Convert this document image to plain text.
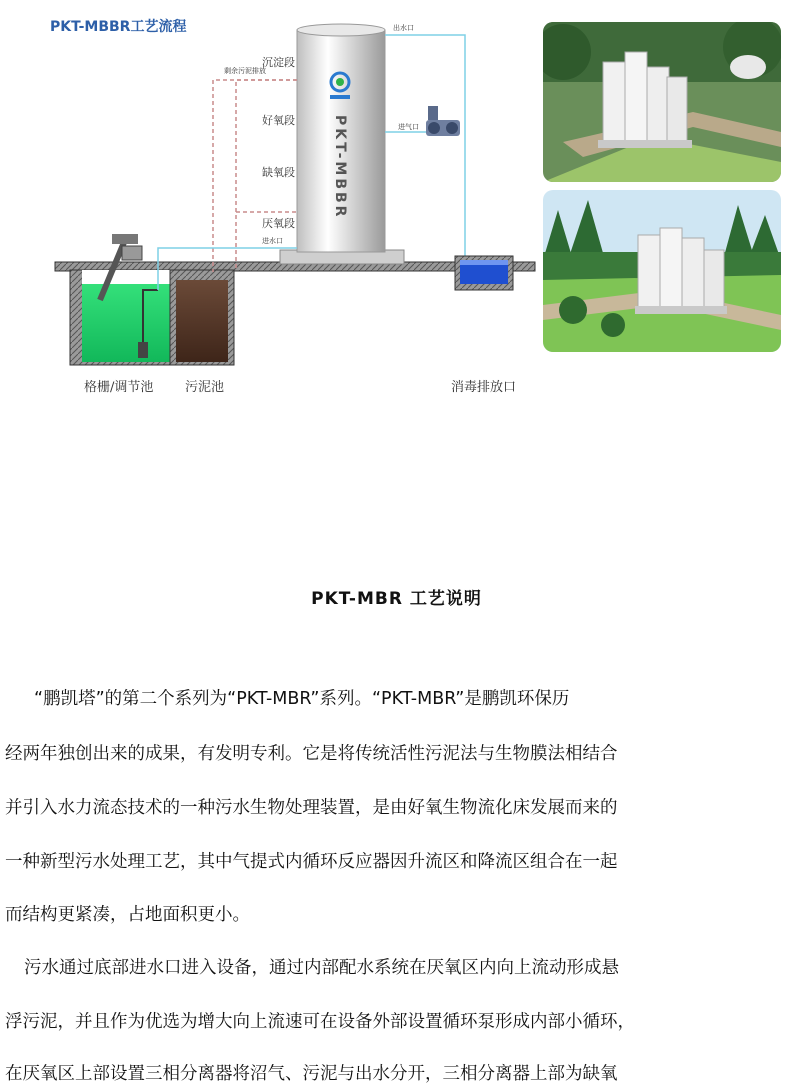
PKT-MBBR工艺流程
PKT-MBBR
沉淀段
好氧段
缺氧段
厌氧段
剩余污泥排放
进水口
出水口
进气口
格栅/调节池 污泥池	消毒排放口
PKT-MBR 工艺说明
“鹏凯塔”的第二个系列为“PKT-MBR”系列。“PKT-MBR”是鹏凯环保历
经两年独创出来的成果，有发明专利。它是将传统活性污泥法与生物膜法相结合
并引入水力流态技术的一种污水生物处理装置，是由好氧生物流化床发展而来的
一种新型污水处理工艺，其中气提式内循环反应器因升流区和降流区组合在一起
而结构更紧凑，占地面积更小。
污水通过底部进水口进入设备，通过内部配水系统在厌氧区内向上流动形成悬
浮污泥，并且作为优选为增大向上流速可在设备外部设置循环泵形成内部小循环，
在厌氧区上部设置三相分离器将沼气、污泥与出水分开，三相分离器上部为缺氧
